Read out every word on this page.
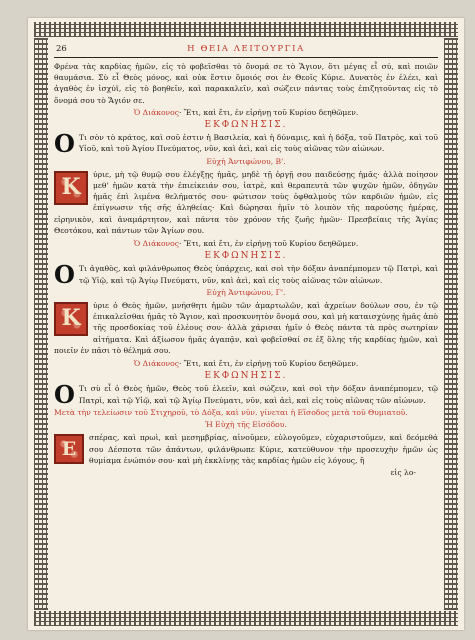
26	Η ΘΕΙΑ ΛΕΙΤΟΥΡΓΙΑ

Φρένα τὰς καρδίας ἡμῶν, εἰς τὸ φοβεῖσθαι τὸ ὄνομά σε τὸ Ἅγιον, ὅτι μέγας εἶ σύ, καὶ ποιῶν θαυμάσια. Σὺ εἶ Θεὸς μόνος, καὶ οὐκ ἔστιν ὅμοιός σοι ἐν Θεοῖς Κύριε. Δυνατὸς ἐν ἐλέει, καὶ ἀγαθὸς ἐν ἰσχύϊ, εἰς τὸ βοηθεῖν, καὶ παρακαλεῖν, καὶ σώζειν πάντας τοὺς ἐπιζητοῦντας εἰς τὸ ὄνομά σου τὸ Ἅγιόν σε.

Ὁ Διάκονος· Ἔτι, καὶ ἔτι, ἐν εἰρήνῃ τοῦ Κυρίου δεηθῶμεν.
ΕΚΦΩΝΗΣΙΣ.

Ο Τι σὸν τὸ κράτος, καὶ σοῦ ἐστιν ἡ Βασιλεία, καὶ ἡ δύναμις, καὶ ἡ δόξα, τοῦ Πατρὸς, καὶ τοῦ Υἱοῦ, καὶ τοῦ Ἁγίου Πνεύματος, νῦν, καὶ ἀεὶ, καὶ εἰς τοὺς αἰῶνας τῶν αἰώνων.

Εὐχὴ Ἀντιφώνου, Β'.

Κ	ύριε, μὴ τῷ θυμῷ σου ἐλέγξῃς ἡμᾶς, μηδὲ τῇ ὀργῇ σου παιδεύσῃς ἡμᾶς· ἀλλὰ ποίησον μεθ' ἡμῶν κατὰ τὴν ἐπιείκειάν σου, ἰατρὲ, καὶ θεραπευτὰ τῶν ψυχῶν ἡμῶν, ὁδηγῶν ἡμᾶς ἐπὶ λιμένα θελήματός σου· φώτισον τοὺς ὀφθαλμοὺς τῶν καρδιῶν ἡμῶν, εἰς ἐπίγνωσιν τῆς σῆς ἀληθείας· Καὶ δώρησαι ἡμῖν τὸ λοιπὸν τῆς παρούσης ἡμέρας, εἰρηνικὸν, καὶ ἀναμάρτητον, καὶ πάντα τὸν χρόνον τῆς ζωῆς ἡμῶν· Πρεσβείαις τῆς Ἁγίας Θεοτόκου, καὶ πάντων τῶν Ἁγίων σου.

Ὁ Διάκονος· Ἔτι, καὶ ἔτι, ἐν εἰρήνῃ τοῦ Κυρίου δεηθῶμεν.
ΕΚΦΩΝΗΣΙΣ.

Ο Τι ἀγαθὸς, καὶ φιλάνθρωπος Θεὸς ὑπάρχεις, καὶ σοὶ τὴν δόξαν ἀναπέμπομεν τῷ Πατρὶ, καὶ τῷ Υἱῷ, καὶ τῷ Ἁγίῳ Πνεύματι, νῦν, καὶ ἀεὶ, καὶ εἰς τοὺς αἰῶνας τῶν αἰώνων.

Εὐχὴ Ἀντιφώνου, Γ'.

Κ	ύριε ὁ Θεὸς ἡμῶν, μνήσθητι ἡμῶν τῶν ἁμαρτωλῶν, καὶ ἀχρείων δούλων σου, ἐν τῷ ἐπικαλεῖσθαι ἡμᾶς τὸ Ἅγιον, καὶ προσκυνητὸν ὄνομά σου, καὶ μὴ καταισχύνῃς ἡμᾶς ἀπὸ τῆς προσδοκίας τοῦ ἐλέους σου· ἀλλὰ χάρισαι ἡμῖν ὁ Θεὸς πάντα τὰ πρὸς σωτηρίαν αἰτήματα. Καὶ ἀξίωσον ἡμᾶς ἀγαπᾷν, καὶ φοβεῖσθαί σε ἐξ ὅλης τῆς καρδίας ἡμῶν, καὶ ποιεῖν ἐν πᾶσι τὸ θέλημά σου.

Ὁ Διάκονος· Ἔτι, καὶ ἔτι, ἐν εἰρήνῃ τοῦ Κυρίου δεηθῶμεν.
ΕΚΦΩΝΗΣΙΣ.

Ο Τι σὺ εἶ ὁ Θεὸς ἡμῶν, Θεὸς τοῦ ἐλεεῖν, καὶ σώζειν, καὶ σοὶ τὴν δόξαν ἀναπέμπομεν, τῷ Πατρὶ, καὶ τῷ Υἱῷ, καὶ τῷ Ἁγίῳ Πνεύματι, νῦν, καὶ ἀεὶ, καὶ εἰς τοὺς αἰῶνας τῶν αἰώνων.

Μετὰ τὴν τελείωσιν τοῦ Στιχηροῦ, τὸ Δόξα, καὶ νῦν. γίνεται ἡ Εἴσοδος μετὰ τοῦ Θυμιατοῦ.

Ἡ Εὐχὴ τῆς Εἰσόδου.

Ε	σπέρας, καὶ πρωὶ, καὶ μεσημβρίας, αἰνοῦμεν, εὐλογοῦμεν, εὐχαριστοῦμεν, καὶ δεόμεθά σου Δέσποτα τῶν ἁπάντων, φιλάνθρωπε Κύριε, κατεύθυνον τὴν προσευχὴν ἡμῶν ὡς θυμίαμα ἐνώπιόν σου· καὶ μὴ ἐκκλίνῃς τὰς καρδίας ἡμῶν εἰς λόγους, ἢ

εἰς λο-
